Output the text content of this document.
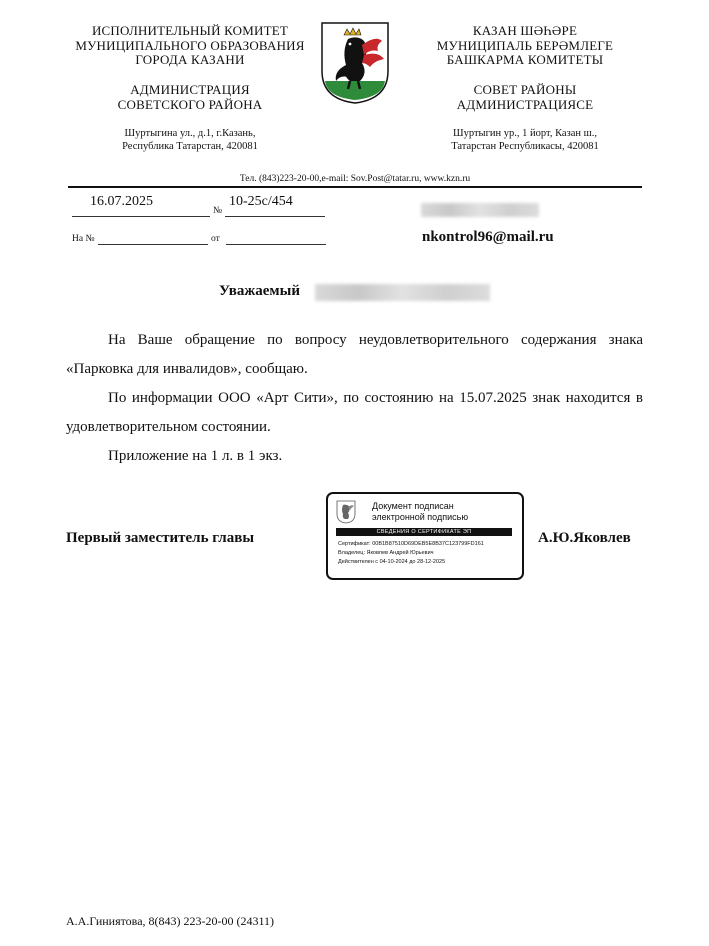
ИСПОЛНИТЕЛЬНЫЙ КОМИТЕТ
МУНИЦИПАЛЬНОГО ОБРАЗОВАНИЯ
ГОРОДА КАЗАНИ
АДМИНИСТРАЦИЯ
СОВЕТСКОГО РАЙОНА
Шуртыгина ул., д.1, г.Казань,
Республика Татарстан, 420081
КАЗАН ШӘҺӘРЕ
МУНИЦИПАЛЬ БЕРӘМЛЕГЕ
БАШКАРМА КОМИТЕТЫ
СОВЕТ РАЙОНЫ
АДМИНИСТРАЦИЯСЕ
Шуртыгин ур., 1 йорт, Казан ш.,
Татарстан Республикасы, 420081
Тел. (843)223-20-00,e-mail: Sov.Post@tatar.ru, www.kzn.ru
16.07.2025
№
10-25с/454
На №	от	nkontrol96@mail.ru
Уважаемый
На Ваше обращение по вопросу неудовлетворительного содержания знака «Парковка для инвалидов», сообщаю.
По информации ООО «Арт Сити», по состоянию на 15.07.2025 знак находится в удовлетворительном состоянии.
Приложение на 1 л. в 1 экз.
Первый заместитель главы	А.Ю.Яковлев
Документ подписан
электронной подписью
СВЕДЕНИЯ О СЕРТИФИКАТЕ ЭП
Сертификат: 00B1B87510D69DEB5E8B37C123799FD161
Владелец: Яковлев Андрей Юрьевич
Действителен с 04-10-2024 до 28-12-2025
А.А.Гиниятова, 8(843) 223-20-00 (24311)
